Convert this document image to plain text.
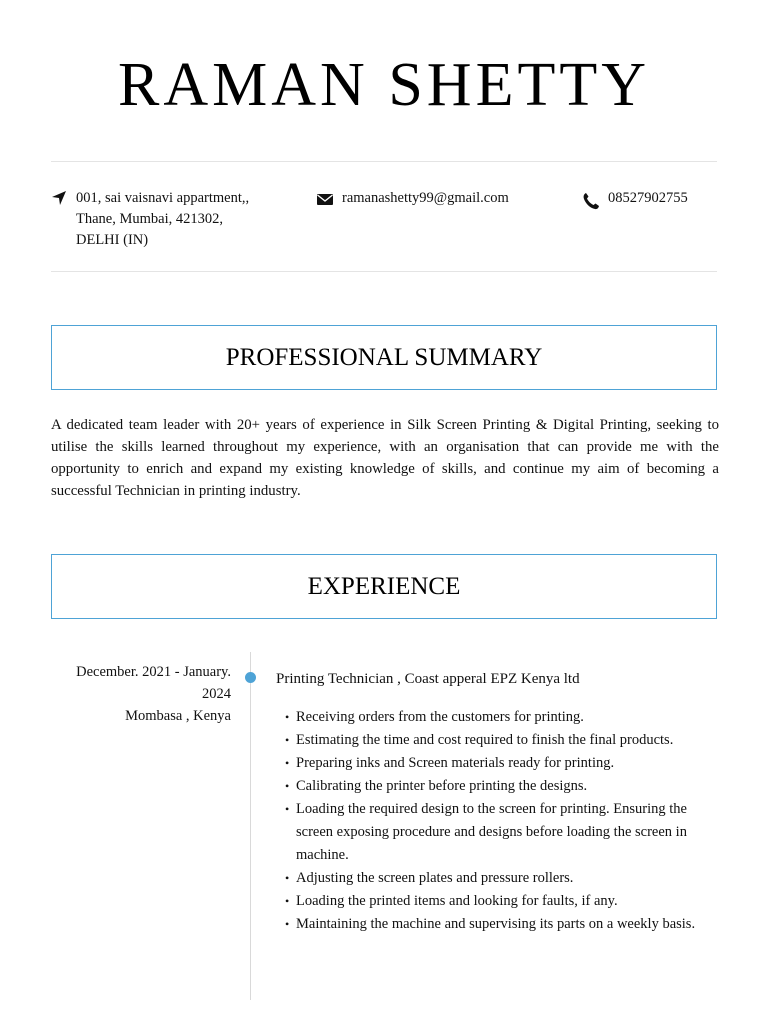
RAMAN SHETTY
001, sai vaisnavi appartment,,
Thane, Mumbai, 421302,
DELHI (IN)
ramanashetty99@gmail.com	08527902755
PROFESSIONAL SUMMARY
A dedicated team leader with 20+ years of experience in Silk Screen Printing & Digital Printing, seeking to utilise the skills learned throughout my experience, with an organisation that can provide me with the opportunity to enrich and expand my existing knowledge of skills, and continue my aim of becoming a successful Technician in printing industry.
EXPERIENCE
December. 2021 - January. 2024
Mombasa , Kenya
Printing Technician , Coast apperal EPZ Kenya ltd
• Receiving orders from the customers for printing.
• Estimating the time and cost required to finish the final products.
• Preparing inks and Screen materials ready for printing.
• Calibrating the printer before printing the designs.
• Loading the required design to the screen for printing. Ensuring the screen exposing procedure and designs before loading the screen in machine.
• Adjusting the screen plates and pressure rollers.
• Loading the printed items and looking for faults, if any.
• Maintaining the machine and supervising its parts on a weekly basis.
